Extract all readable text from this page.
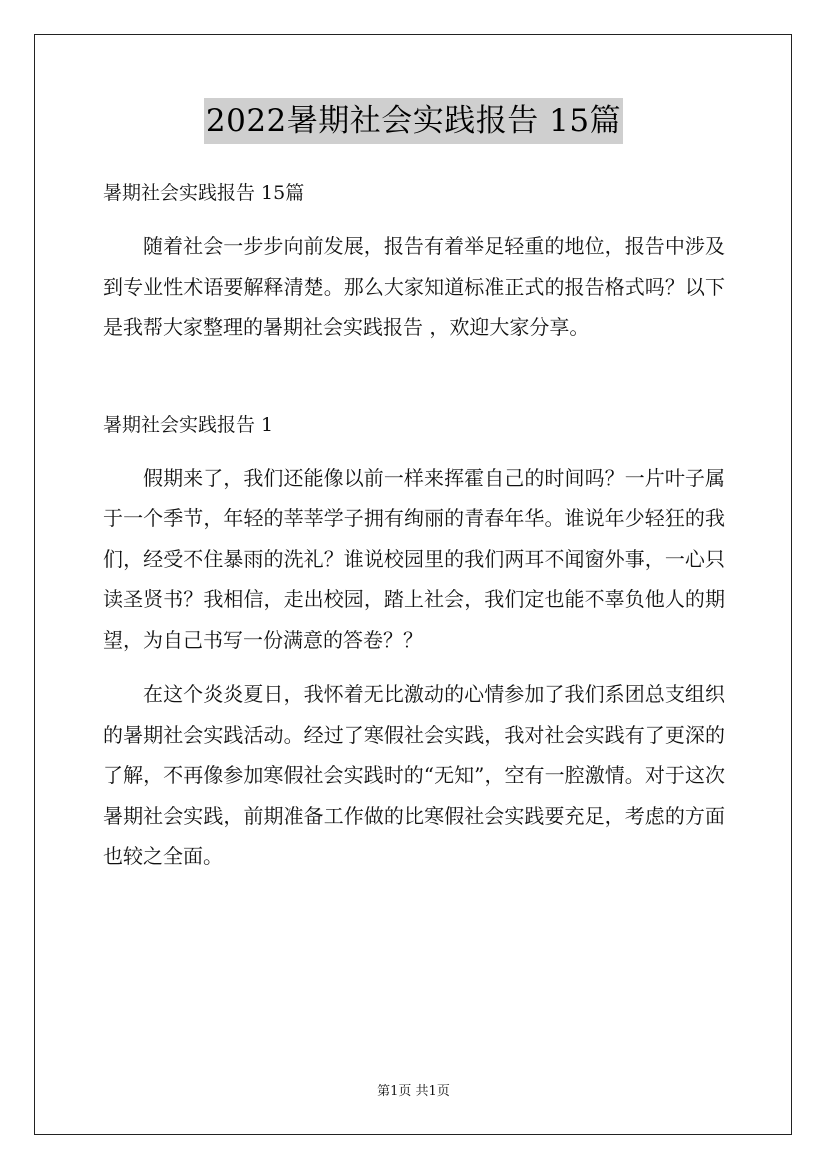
2022暑期社会实践报告 15篇

暑期社会实践报告 15篇

随着社会一步步向前发展，报告有着举足轻重的地位，报告中涉及到专业性术语要解释清楚。那么大家知道标准正式的报告格式吗？以下是我帮大家整理的暑期社会实践报告 ，欢迎大家分享。

暑期社会实践报告 1

假期来了，我们还能像以前一样来挥霍自己的时间吗？一片叶子属于一个季节，年轻的莘莘学子拥有绚丽的青春年华。谁说年少轻狂的我们，经受不住暴雨的洗礼？谁说校园里的我们两耳不闻窗外事，一心只读圣贤书？我相信，走出校园，踏上社会，我们定也能不辜负他人的期望，为自己书写一份满意的答卷？？

在这个炎炎夏日，我怀着无比激动的心情参加了我们系团总支组织的暑期社会实践活动。经过了寒假社会实践，我对社会实践有了更深的了解，不再像参加寒假社会实践时的“无知”，空有一腔激情。对于这次暑期社会实践，前期准备工作做的比寒假社会实践要充足，考虑的方面也较之全面。

第1页 共1页
